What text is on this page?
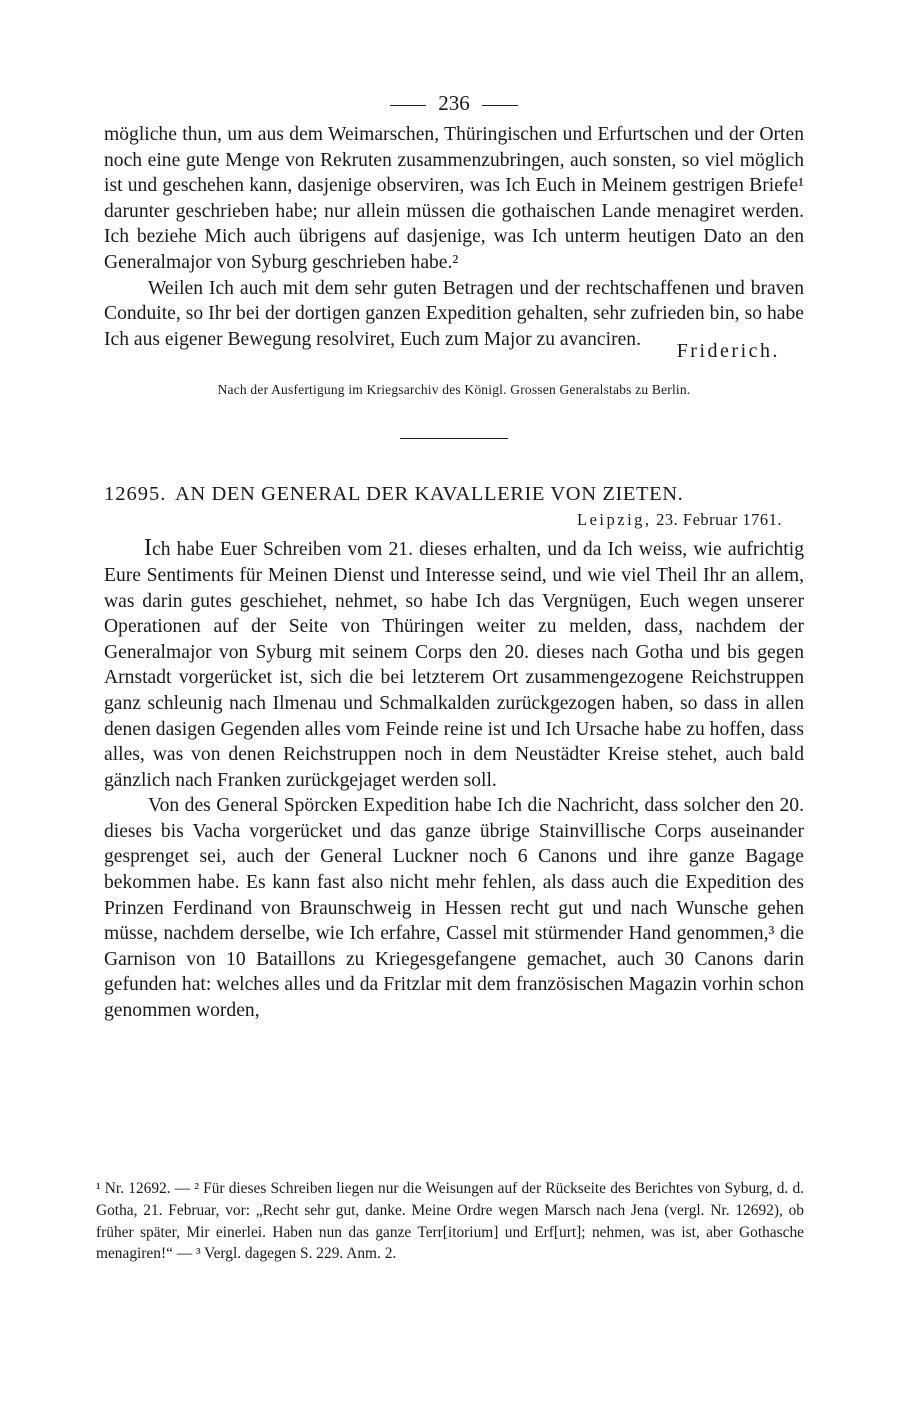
236

mögliche thun, um aus dem Weimarschen, Thüringischen und Erfurtschen und der Orten noch eine gute Menge von Rekruten zusammenzubringen, auch sonsten, so viel möglich ist und geschehen kann, dasjenige observiren, was Ich Euch in Meinem gestrigen Briefe¹ darunter geschrieben habe; nur allein müssen die gothaischen Lande menagiret werden. Ich beziehe Mich auch übrigens auf dasjenige, was Ich unterm heutigen Dato an den Generalmajor von Syburg geschrieben habe.²

Weilen Ich auch mit dem sehr guten Betragen und der rechtschaffenen und braven Conduite, so Ihr bei der dortigen ganzen Expedition gehalten, sehr zufrieden bin, so habe Ich aus eigener Bewegung resolviret, Euch zum Major zu avanciren.

Friderich.
Nach der Ausfertigung im Kriegsarchiv des Königl. Grossen Generalstabs zu Berlin.
12695. AN DEN GENERAL DER KAVALLERIE VON ZIETEN.
Leipzig, 23. Februar 1761.

Ich habe Euer Schreiben vom 21. dieses erhalten, und da Ich weiss, wie aufrichtig Eure Sentiments für Meinen Dienst und Interesse seind, und wie viel Theil Ihr an allem, was darin gutes geschiehet, nehmet, so habe Ich das Vergnügen, Euch wegen unserer Operationen auf der Seite von Thüringen weiter zu melden, dass, nachdem der Generalmajor von Syburg mit seinem Corps den 20. dieses nach Gotha und bis gegen Arnstadt vorgerücket ist, sich die bei letzterem Ort zusammengezogene Reichstruppen ganz schleunig nach Ilmenau und Schmalkalden zurückgezogen haben, so dass in allen denen dasigen Gegenden alles vom Feinde reine ist und Ich Ursache habe zu hoffen, dass alles, was von denen Reichstruppen noch in dem Neustädter Kreise stehet, auch bald gänzlich nach Franken zurückgejaget werden soll.

Von des General Spörcken Expedition habe Ich die Nachricht, dass solcher den 20. dieses bis Vacha vorgerücket und das ganze übrige Stainvillische Corps auseinander gesprenget sei, auch der General Luckner noch 6 Canons und ihre ganze Bagage bekommen habe. Es kann fast also nicht mehr fehlen, als dass auch die Expedition des Prinzen Ferdinand von Braunschweig in Hessen recht gut und nach Wunsche gehen müsse, nachdem derselbe, wie Ich erfahre, Cassel mit stürmender Hand genommen,³ die Garnison von 10 Bataillons zu Kriegesgefangene gemachet, auch 30 Canons darin gefunden hat: welches alles und da Fritzlar mit dem französischen Magazin vorhin schon genommen worden,

¹ Nr. 12692. — ² Für dieses Schreiben liegen nur die Weisungen auf der Rückseite des Berichtes von Syburg, d. d. Gotha, 21. Februar, vor: „Recht sehr gut, danke. Meine Ordre wegen Marsch nach Jena (vergl. Nr. 12692), ob früher später, Mir einerlei. Haben nun das ganze Terr[itorium] und Erf[urt]; nehmen, was ist, aber Gothasche menagiren!“ — ³ Vergl. dagegen S. 229. Anm. 2.
